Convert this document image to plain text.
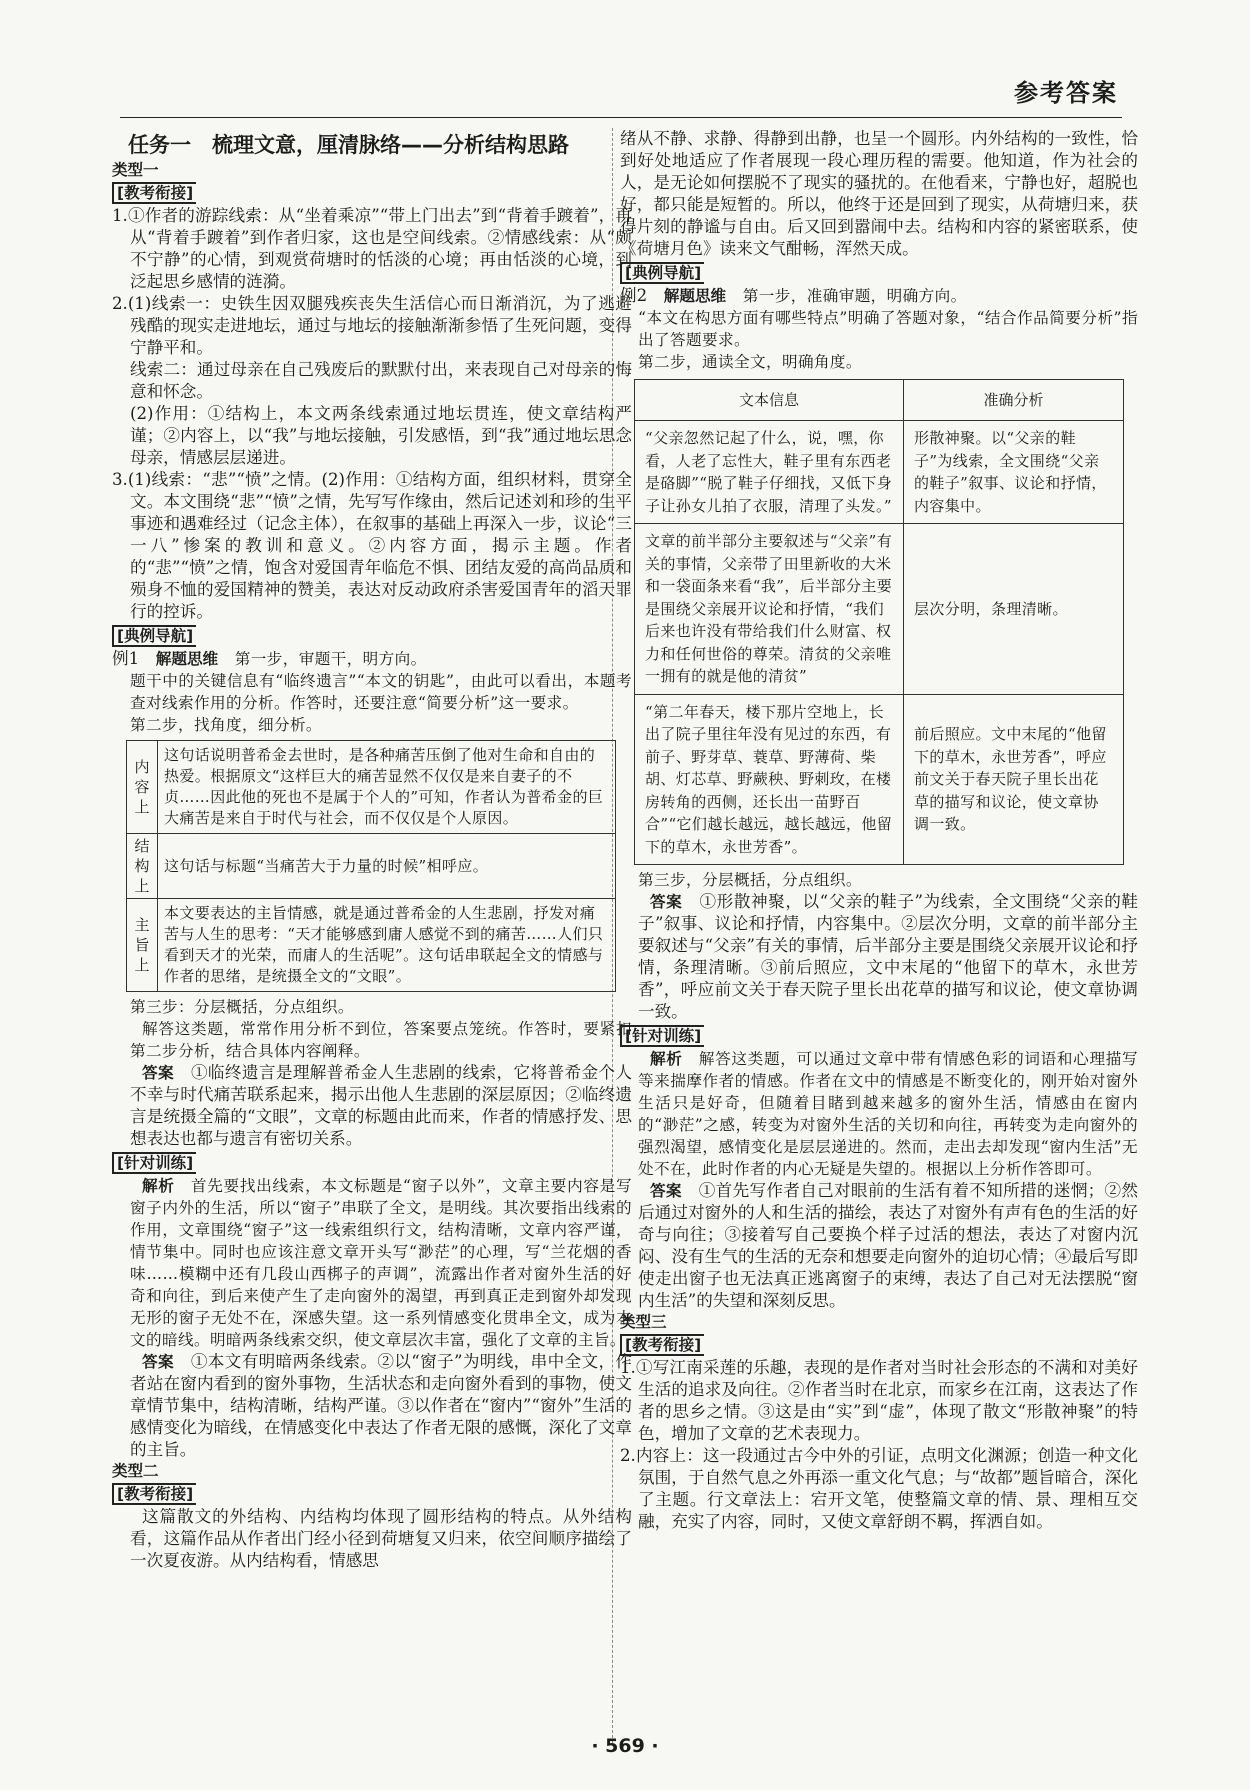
参考答案
任务一　梳理文意，厘清脉络——分析结构思路
类型一
[教考衔接]

1.①作者的游踪线索：从“坐着乘凉”“带上门出去”到“背着手踱着”，再从“背着手踱着”到作者归家，这也是空间线索。②情感线索：从“颇不宁静”的心情，到观赏荷塘时的恬淡的心境；再由恬淡的心境，到泛起思乡感情的涟漪。

2.(1)线索一：史铁生因双腿残疾丧失生活信心而日渐消沉，为了逃避残酷的现实走进地坛，通过与地坛的接触渐渐参悟了生死问题，变得宁静平和。

线索二：通过母亲在自己残废后的默默付出，来表现自己对母亲的悔意和怀念。

(2)作用：①结构上，本文两条线索通过地坛贯连，使文章结构严谨；②内容上，以“我”与地坛接触，引发感悟，到“我”通过地坛思念母亲，情感层层递进。

3.(1)线索：“悲”“愤”之情。(2)作用：①结构方面，组织材料，贯穿全文。本文围绕“悲”“愤”之情，先写写作缘由，然后记述刘和珍的生平事迹和遇难经过（记念主体），在叙事的基础上再深入一步，议论“三一八”惨案的教训和意义。②内容方面，揭示主题。作者的“悲”“愤”之情，饱含对爱国青年临危不惧、团结友爱的高尚品质和殒身不恤的爱国精神的赞美，表达对反动政府杀害爱国青年的滔天罪行的控诉。

[典例导航]

例1　 解题思维　 第一步，审题干，明方向。

题干中的关键信息有“临终遗言”“本文的钥匙”，由此可以看出，本题考查对线索作用的分析。作答时，还要注意“简要分析”这一要求。

第二步，找角度，细分析。

内容上	这句话说明普希金去世时，是各种痛苦压倒了他对生命和自由的热爱。根据原文“这样巨大的痛苦显然不仅仅是来自妻子的不贞……因此他的死也不是属于个人的”可知，作者认为普希金的巨大痛苦是来自于时代与社会，而不仅仅是个人原因。
结构上	这句话与标题“当痛苦大于力量的时候”相呼应。
主旨上	本文要表达的主旨情感，就是通过普希金的人生悲剧，抒发对痛苦与人生的思考：“天才能够感到庸人感觉不到的痛苦……人们只看到天才的光荣，而庸人的生活呢”。这句话串联起全文的情感与作者的思绪，是统摄全文的“文眼”。

第三步：分层概括，分点组织。

解答这类题，常常作用分析不到位，答案要点笼统。作答时，要紧扣第二步分析，结合具体内容阐释。

答案　 ①临终遗言是理解普希金人生悲剧的线索，它将普希金个人不幸与时代痛苦联系起来，揭示出他人生悲剧的深层原因；②临终遗言是统摄全篇的“文眼”，文章的标题由此而来，作者的情感抒发、思想表达也都与遗言有密切关系。

[针对训练]

解析　 首先要找出线索，本文标题是“窗子以外”，文章主要内容是写窗子内外的生活，所以“窗子”串联了全文，是明线。其次要指出线索的作用，文章围绕“窗子”这一线索组织行文，结构清晰，文章内容严谨，情节集中。同时也应该注意文章开头写“渺茫”的心理，写“兰花烟的香味……模糊中还有几段山西梆子的声调”，流露出作者对窗外生活的好奇和向往，到后来使产生了走向窗外的渴望，再到真正走到窗外却发现无形的窗子无处不在，深感失望。这一系列情感变化贯串全文，成为本文的暗线。明暗两条线索交织，使文章层次丰富，强化了文章的主旨。

答案　 ①本文有明暗两条线索。②以“窗子”为明线，串中全文，作者站在窗内看到的窗外事物，生活状态和走向窗外看到的事物，使文章情节集中，结构清晰，结构严谨。③以作者在“窗内”“窗外”生活的感情变化为暗线，在情感变化中表达了作者无限的感慨，深化了文章的主旨。

类型二
[教考衔接]

这篇散文的外结构、内结构均体现了圆形结构的特点。从外结构看，这篇作品从作者出门经小径到荷塘复又归来，依空间顺序描绘了一次夏夜游。从内结构看，情感思

绪从不静、求静、得静到出静，也呈一个圆形。内外结构的一致性，恰到好处地适应了作者展现一段心理历程的需要。他知道，作为社会的人，是无论如何摆脱不了现实的骚扰的。在他看来，宁静也好，超脱也好，都只能是短暂的。所以，他终于还是回到了现实，从荷塘归来，获得片刻的静谧与自由。后又回到嚣闹中去。结构和内容的紧密联系，使《荷塘月色》读来文气酣畅，浑然天成。

[典例导航]

例2　 解题思维　 第一步，准确审题，明确方向。

“本文在构思方面有哪些特点”明确了答题对象，“结合作品简要分析”指出了答题要求。

第二步，通读全文，明确角度。

文本信息	准确分析
“父亲忽然记起了什么，说，嘿，你看，人老了忘性大，鞋子里有东西老是硌脚”“脱了鞋子仔细找，又低下身子让孙女儿拍了衣服，清理了头发。”	形散神聚。以“父亲的鞋子”为线索，全文围绕“父亲的鞋子”叙事、议论和抒情，内容集中。
文章的前半部分主要叙述与“父亲”有关的事情，父亲带了田里新收的大米和一袋面条来看“我”，后半部分主要是围绕父亲展开议论和抒情，“我们后来也许没有带给我们什么财富、权力和任何世俗的尊荣。清贫的父亲唯一拥有的就是他的清贫”	层次分明，条理清晰。
“第二年春天，楼下那片空地上，长出了院子里往年没有见过的东西，有前子、野芽草、蓑草、野薄荷、柴胡、灯芯草、野蕨秧、野刺玫，在楼房转角的西侧，还长出一苗野百合”“它们越长越远，越长越远，他留下的草木，永世芳香”。	前后照应。文中末尾的“他留下的草木，永世芳香”，呼应前文关于春天院子里长出花草的描写和议论，使文章协调一致。

第三步，分层概括，分点组织。

答案　 ①形散神聚，以“父亲的鞋子”为线索，全文围绕“父亲的鞋子”叙事、议论和抒情，内容集中。②层次分明，文章的前半部分主要叙述与“父亲”有关的事情，后半部分主要是围绕父亲展开议论和抒情，条理清晰。③前后照应，文中末尾的“他留下的草木，永世芳香”，呼应前文关于春天院子里长出花草的描写和议论，使文章协调一致。

[针对训练]

解析　 解答这类题，可以通过文章中带有情感色彩的词语和心理描写等来揣摩作者的情感。作者在文中的情感是不断变化的，刚开始对窗外生活只是好奇，但随着目睹到越来越多的窗外生活，情感由在窗内的“渺茫”之感，转变为对窗外生活的关切和向往，再转变为走向窗外的强烈渴望，感情变化是层层递进的。然而，走出去却发现“窗内生活”无处不在，此时作者的内心无疑是失望的。根据以上分析作答即可。

答案　 ①首先写作者自己对眼前的生活有着不知所措的迷惘；②然后通过对窗外的人和生活的描绘，表达了对窗外有声有色的生活的好奇与向往；③接着写自己要换个样子过活的想法，表达了对窗内沉闷、没有生气的生活的无奈和想要走向窗外的迫切心情；④最后写即使走出窗子也无法真正逃离窗子的束缚，表达了自己对无法摆脱“窗内生活”的失望和深刻反思。

类型三
[教考衔接]

1.①写江南采莲的乐趣，表现的是作者对当时社会形态的不满和对美好生活的追求及向往。②作者当时在北京，而家乡在江南，这表达了作者的思乡之情。③这是由“实”到“虚”，体现了散文“形散神聚”的特色，增加了文章的艺术表现力。

2.内容上：这一段通过古今中外的引证，点明文化渊源；创造一种文化氛围，于自然气息之外再添一重文化气息；与“故都”题旨暗合，深化了主题。行文章法上：宕开文笔，使整篇文章的情、景、理相互交融，充实了内容，同时，又使文章舒朗不羁，挥洒自如。

· 569 ·
